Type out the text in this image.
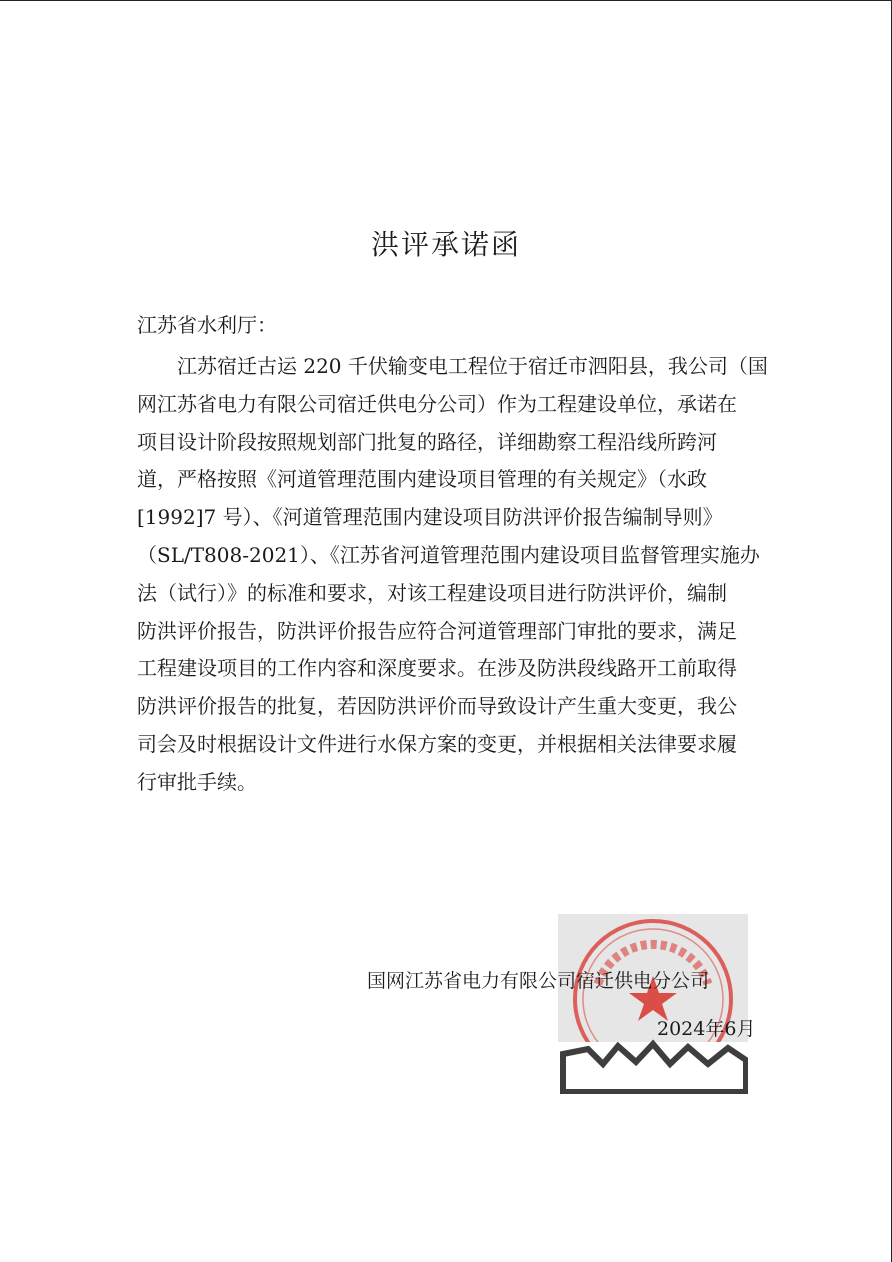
洪评承诺函
江苏省水利厅：
江苏宿迁古运 220 千伏输变电工程位于宿迁市泗阳县，我公司（国
网江苏省电力有限公司宿迁供电分公司）作为工程建设单位，承诺在
项目设计阶段按照规划部门批复的路径，详细勘察工程沿线所跨河
道，严格按照《河道管理范围内建设项目管理的有关规定》（水政
[1992]7 号）、《河道管理范围内建设项目防洪评价报告编制导则》
（SL/T808-2021）、《江苏省河道管理范围内建设项目监督管理实施办
法（试行）》的标准和要求，对该工程建设项目进行防洪评价，编制
防洪评价报告，防洪评价报告应符合河道管理部门审批的要求，满足
工程建设项目的工作内容和深度要求。在涉及防洪段线路开工前取得
防洪评价报告的批复，若因防洪评价而导致设计产生重大变更，我公
司会及时根据设计文件进行水保方案的变更，并根据相关法律要求履
行审批手续。
国网江苏省电力有限公司宿迁供电分公司
2024年6月
